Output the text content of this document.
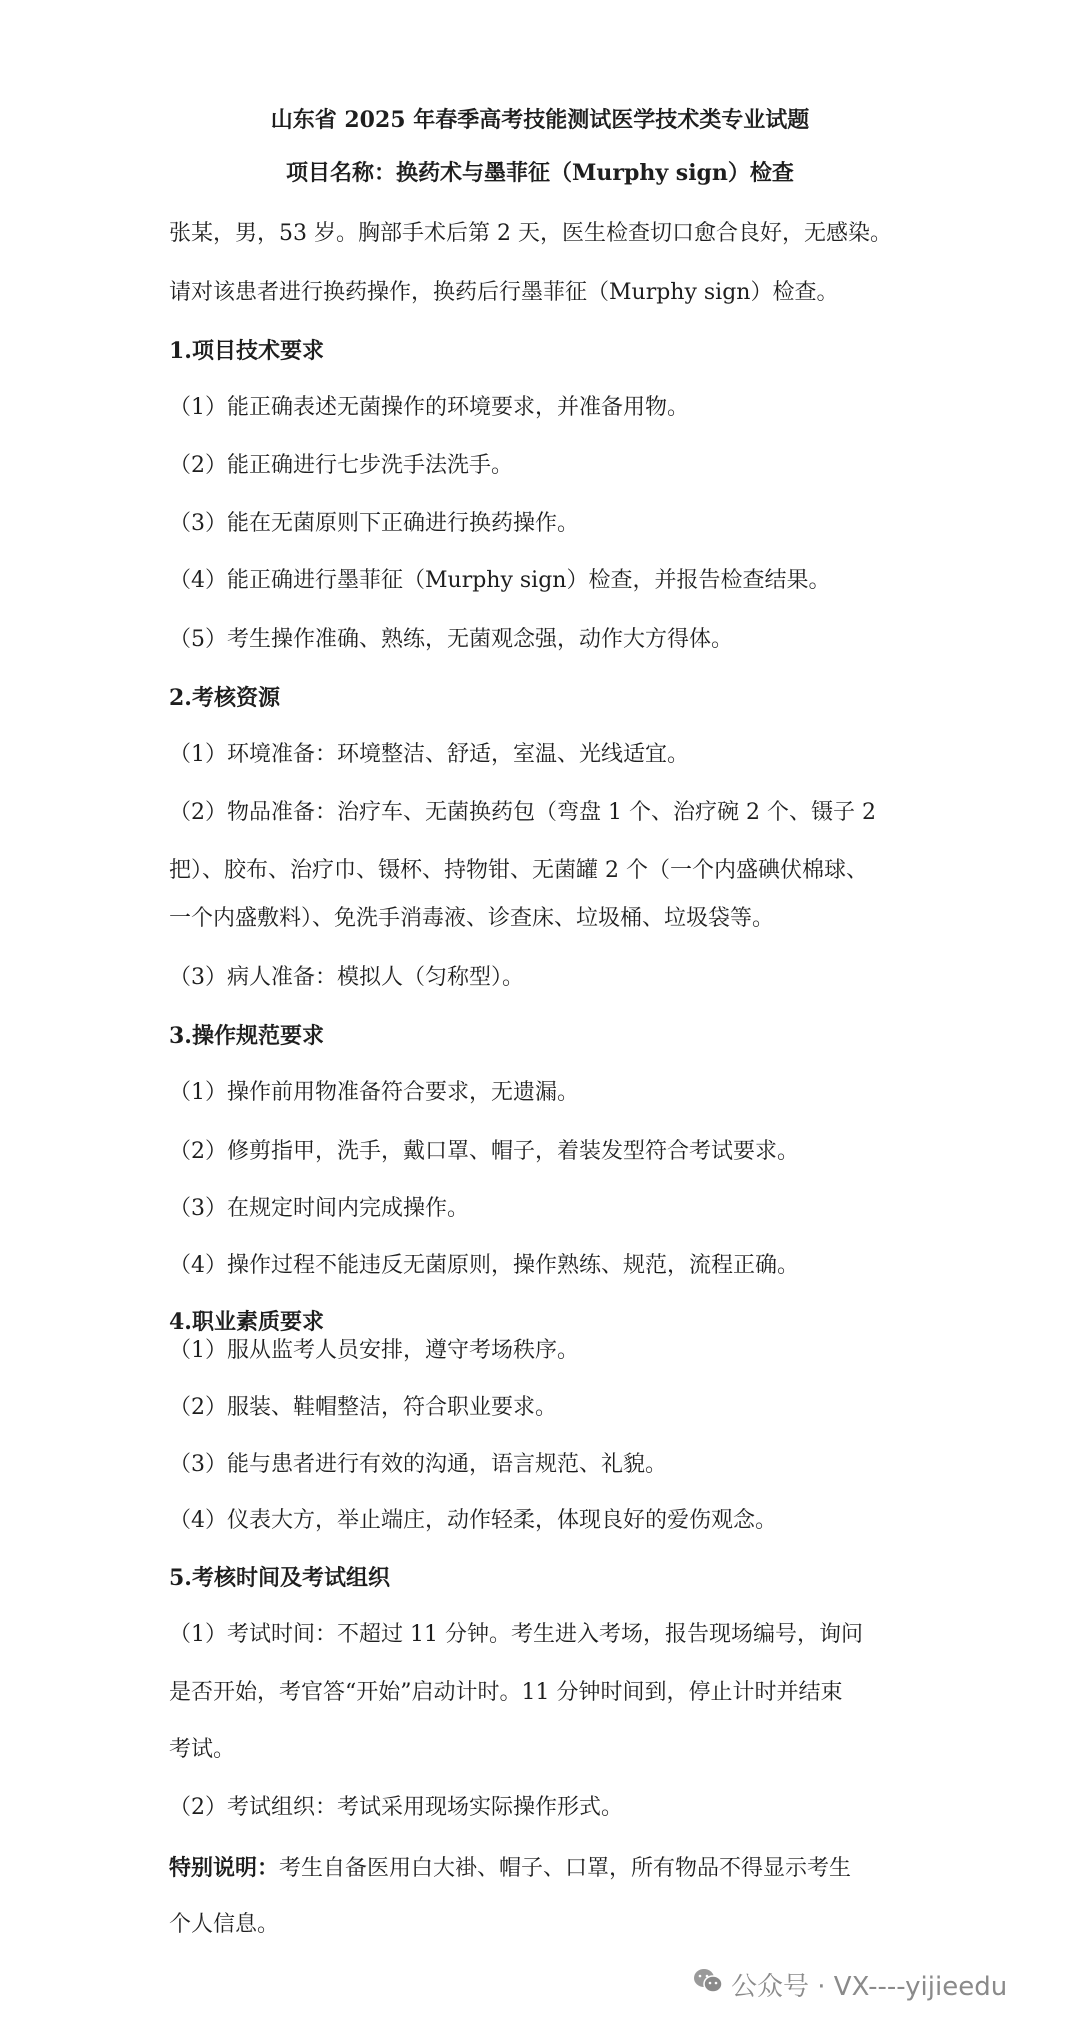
山东省 2025 年春季高考技能测试医学技术类专业试题
项目名称：换药术与墨菲征（Murphy sign）检查
张某，男，53 岁。胸部手术后第 2 天，医生检查切口愈合良好，无感染。
请对该患者进行换药操作，换药后行墨菲征（Murphy sign）检查。
1.项目技术要求
（1）能正确表述无菌操作的环境要求，并准备用物。
（2）能正确进行七步洗手法洗手。
（3）能在无菌原则下正确进行换药操作。
（4）能正确进行墨菲征（Murphy sign）检查，并报告检查结果。
（5）考生操作准确、熟练，无菌观念强，动作大方得体。
2.考核资源
（1）环境准备：环境整洁、舒适，室温、光线适宜。
（2）物品准备：治疗车、无菌换药包（弯盘 1 个、治疗碗 2 个、镊子 2
把）、胶布、治疗巾、镊杯、持物钳、无菌罐 2 个（一个内盛碘伏棉球、
一个内盛敷料）、免洗手消毒液、诊查床、垃圾桶、垃圾袋等。
（3）病人准备：模拟人（匀称型）。
3.操作规范要求
（1）操作前用物准备符合要求，无遗漏。
（2）修剪指甲，洗手，戴口罩、帽子，着装发型符合考试要求。
（3）在规定时间内完成操作。
（4）操作过程不能违反无菌原则，操作熟练、规范，流程正确。
4.职业素质要求
（1）服从监考人员安排，遵守考场秩序。
（2）服装、鞋帽整洁，符合职业要求。
（3）能与患者进行有效的沟通，语言规范、礼貌。
（4）仪表大方，举止端庄，动作轻柔，体现良好的爱伤观念。
5.考核时间及考试组织
（1）考试时间：不超过 11 分钟。考生进入考场，报告现场编号，询问
是否开始，考官答“开始”启动计时。11 分钟时间到，停止计时并结束
考试。
（2）考试组织：考试采用现场实际操作形式。
特别说明：考生自备医用白大褂、帽子、口罩，所有物品不得显示考生
个人信息。
公众号 · VX----yijieedu
